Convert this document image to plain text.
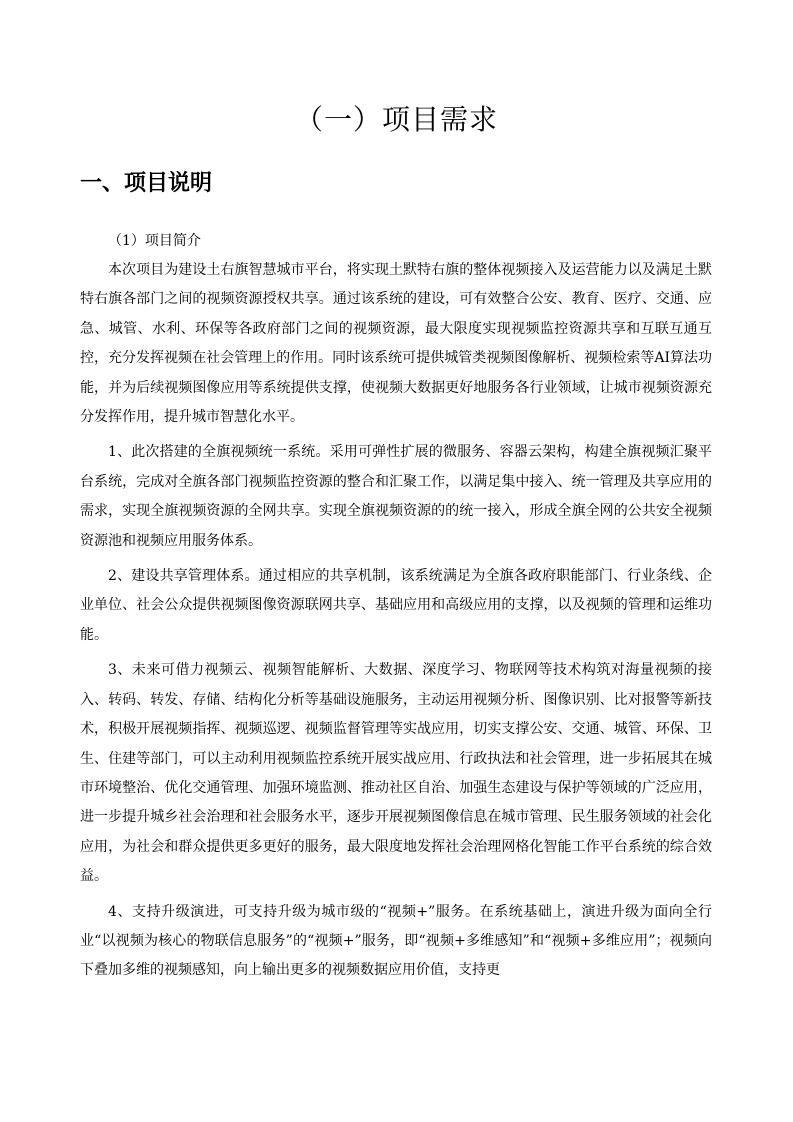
（一）项目需求
一、项目说明
（1）项目简介

本次项目为建设土右旗智慧城市平台，将实现土默特右旗的整体视频接入及运营能力以及满足土默特右旗各部门之间的视频资源授权共享。通过该系统的建设，可有效整合公安、教育、医疗、交通、应急、城管、水利、环保等各政府部门之间的视频资源，最大限度实现视频监控资源共享和互联互通互控，充分发挥视频在社会管理上的作用。同时该系统可提供城管类视频图像解析、视频检索等AI算法功能，并为后续视频图像应用等系统提供支撑，使视频大数据更好地服务各行业领域，让城市视频资源充分发挥作用，提升城市智慧化水平。

1、此次搭建的全旗视频统一系统。采用可弹性扩展的微服务、容器云架构，构建全旗视频汇聚平台系统，完成对全旗各部门视频监控资源的整合和汇聚工作，以满足集中接入、统一管理及共享应用的需求，实现全旗视频资源的全网共享。实现全旗视频资源的的统一接入，形成全旗全网的公共安全视频资源池和视频应用服务体系。

2、建设共享管理体系。通过相应的共享机制，该系统满足为全旗各政府职能部门、行业条线、企业单位、社会公众提供视频图像资源联网共享、基础应用和高级应用的支撑，以及视频的管理和运维功能。

3、未来可借力视频云、视频智能解析、大数据、深度学习、物联网等技术构筑对海量视频的接入、转码、转发、存储、结构化分析等基础设施服务，主动运用视频分析、图像识别、比对报警等新技术，积极开展视频指挥、视频巡逻、视频监督管理等实战应用，切实支撑公安、交通、城管、环保、卫生、住建等部门，可以主动利用视频监控系统开展实战应用、行政执法和社会管理，进一步拓展其在城市环境整治、优化交通管理、加强环境监测、推动社区自治、加强生态建设与保护等领域的广泛应用，进一步提升城乡社会治理和社会服务水平，逐步开展视频图像信息在城市管理、民生服务领域的社会化应用，为社会和群众提供更多更好的服务，最大限度地发挥社会治理网格化智能工作平台系统的综合效益。

4、支持升级演进，可支持升级为城市级的“视频+”服务。在系统基础上，演进升级为面向全行业“以视频为核心的物联信息服务”的“视频+”服务，即“视频+多维感知”和“视频+多维应用”；视频向下叠加多维的视频感知，向上输出更多的视频数据应用价值，支持更
